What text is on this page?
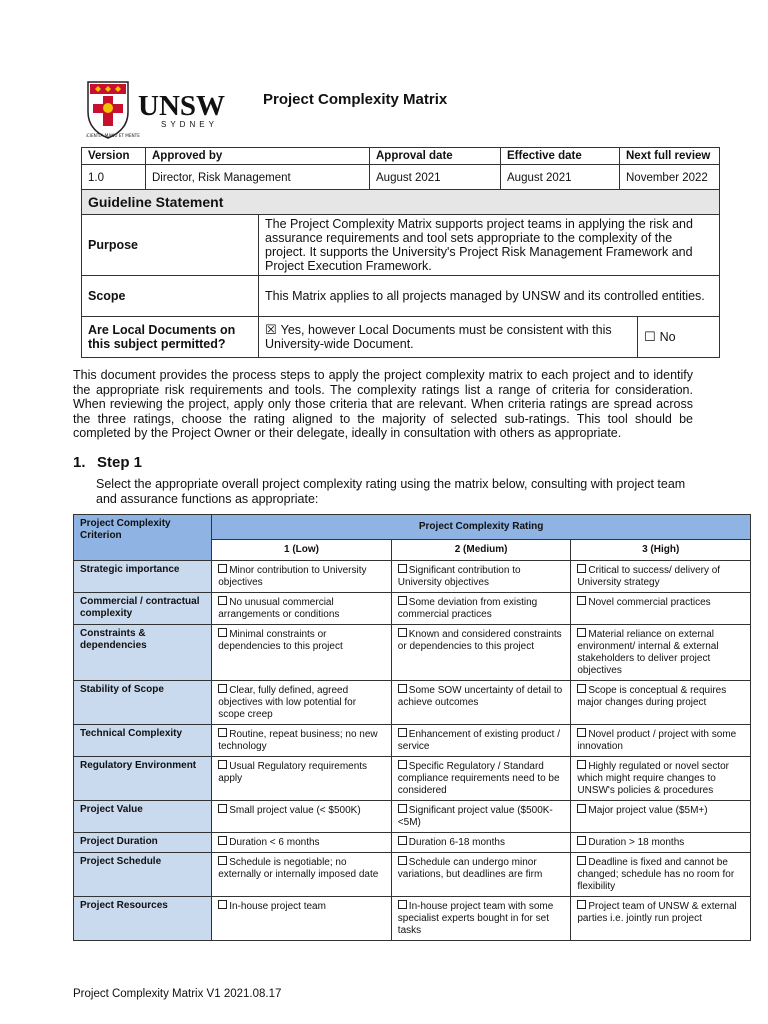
SCIENTIA MANU ET MENTE
UNSW
SYDNEY
Project Complexity Matrix
Version	Approved by	Approval date	Effective date	Next full review
1.0	Director, Risk Management	August 2021	August 2021	November 2022
Guideline Statement		
Purpose	The Project Complexity Matrix supports project teams in applying the risk and assurance requirements and tool sets appropriate to the complexity of the project. It supports the University's Project Risk Management Framework and Project Execution Framework.	
Scope	This Matrix applies to all projects managed by UNSW and its controlled entities.	
Are Local Documents on this subject permitted?	☒ Yes, however Local Documents must be consistent with this University-wide Document.	☐ No
This document provides the process steps to apply the project complexity matrix to each project and to identify the appropriate risk requirements and tools. The complexity ratings list a range of criteria for consideration. When reviewing the project, apply only those criteria that are relevant. When criteria ratings are spread across the three ratings, choose the rating aligned to the majority of selected sub-ratings. This tool should be completed by the Project Owner or their delegate, ideally in consultation with others as appropriate.
1. Step 1
Select the appropriate overall project complexity rating using the matrix below, consulting with project team and assurance functions as appropriate:
Project Complexity Criterion	Project Complexity Rating		
	1 (Low)	2 (Medium)	3 (High)
Strategic importance	Minor contribution to University objectives	Significant contribution to University objectives	Critical to success/ delivery of University strategy
Commercial / contractual complexity	No unusual commercial arrangements or conditions	Some deviation from existing commercial practices	Novel commercial practices
Constraints & dependencies	Minimal constraints or dependencies to this project	Known and considered constraints or dependencies to this project	Material reliance on external environment/ internal & external stakeholders to deliver project objectives
Stability of Scope	Clear, fully defined, agreed objectives with low potential for scope creep	Some SOW uncertainty of detail to achieve outcomes	Scope is conceptual & requires major changes during project
Technical Complexity	Routine, repeat business; no new technology	Enhancement of existing product / service	Novel product / project with some innovation
Regulatory Environment	Usual Regulatory requirements apply	Specific Regulatory / Standard compliance requirements need to be considered	Highly regulated or novel sector which might require changes to UNSW's policies & procedures
Project Value	Small project value (< $500K)	Significant project value ($500K-<5M)	Major project value ($5M+)
Project Duration	Duration < 6 months	Duration 6-18 months	Duration > 18 months
Project Schedule	Schedule is negotiable; no externally or internally imposed date	Schedule can undergo minor variations, but deadlines are firm	Deadline is fixed and cannot be changed; schedule has no room for flexibility
Project Resources	In-house project team	In-house project team with some specialist experts bought in for set tasks	Project team of UNSW & external parties i.e. jointly run project
Project Complexity Matrix V1 2021.08.17
